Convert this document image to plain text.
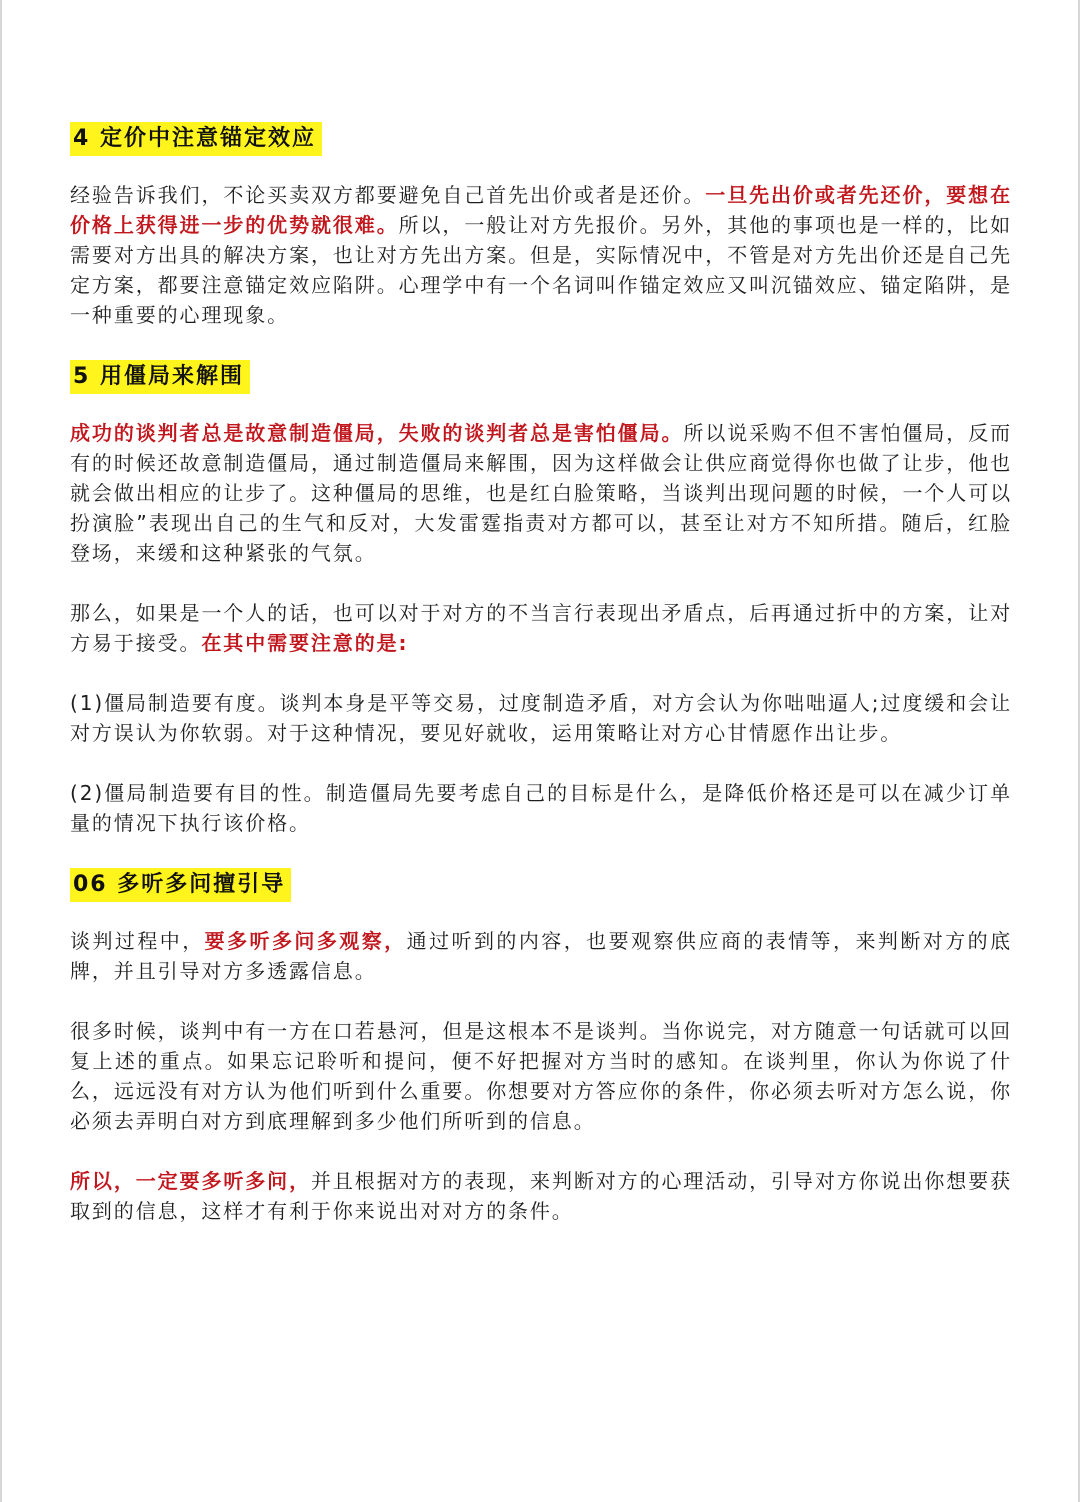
4 定价中注意锚定效应

经验告诉我们，不论买卖双方都要避免自己首先出价或者是还价。一旦先出价或者先还价，要想在价格上获得进一步的优势就很难。所以，一般让对方先报价。另外，其他的事项也是一样的，比如需要对方出具的解决方案，也让对方先出方案。但是，实际情况中，不管是对方先出价还是自己先定方案，都要注意锚定效应陷阱。心理学中有一个名词叫作锚定效应又叫沉锚效应、锚定陷阱，是一种重要的心理现象。

5 用僵局来解围

成功的谈判者总是故意制造僵局，失败的谈判者总是害怕僵局。所以说采购不但不害怕僵局，反而有的时候还故意制造僵局，通过制造僵局来解围，因为这样做会让供应商觉得你也做了让步，他也就会做出相应的让步了。这种僵局的思维，也是红白脸策略，当谈判出现问题的时候，一个人可以扮演脸”表现出自己的生气和反对，大发雷霆指责对方都可以，甚至让对方不知所措。随后，红脸登场，来缓和这种紧张的气氛。

那么，如果是一个人的话，也可以对于对方的不当言行表现出矛盾点，后再通过折中的方案，让对方易于接受。在其中需要注意的是:

(1)僵局制造要有度。谈判本身是平等交易，过度制造矛盾，对方会认为你咄咄逼人;过度缓和会让对方误认为你软弱。对于这种情况，要见好就收，运用策略让对方心甘情愿作出让步。

(2)僵局制造要有目的性。制造僵局先要考虑自己的目标是什么，是降低价格还是可以在减少订单量的情况下执行该价格。

06 多听多问擅引导

谈判过程中，要多听多问多观察，通过听到的内容，也要观察供应商的表情等，来判断对方的底牌，并且引导对方多透露信息。

很多时候，谈判中有一方在口若悬河，但是这根本不是谈判。当你说完，对方随意一句话就可以回复上述的重点。如果忘记聆听和提问，便不好把握对方当时的感知。在谈判里，你认为你说了什么，远远没有对方认为他们听到什么重要。你想要对方答应你的条件，你必须去听对方怎么说，你必须去弄明白对方到底理解到多少他们所听到的信息。

所以，一定要多听多问，并且根据对方的表现，来判断对方的心理活动，引导对方你说出你想要获取到的信息，这样才有利于你来说出对对方的条件。
